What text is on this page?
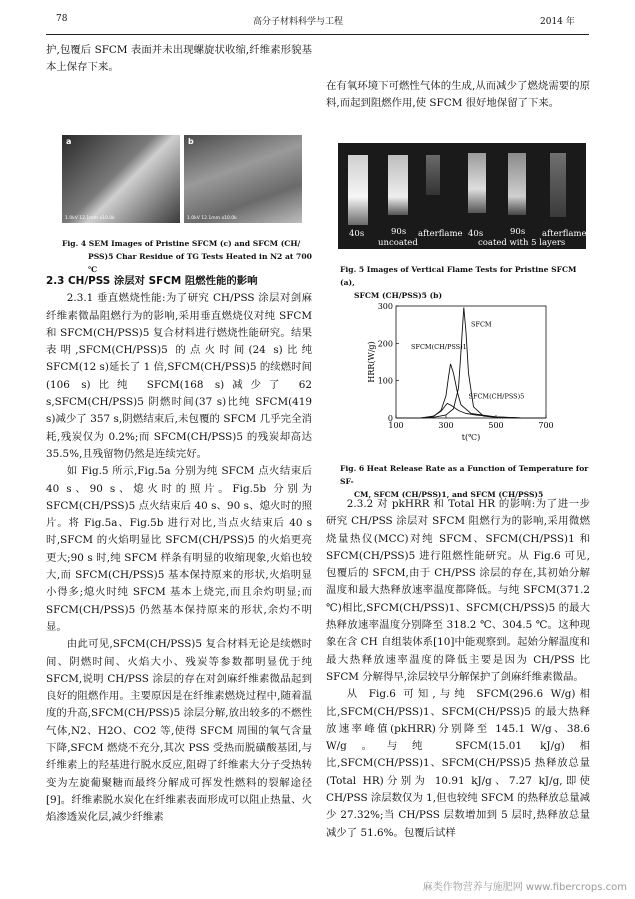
78	高分子材料科学与工程	2014 年

护,包覆后 SFCM 表面并未出现螺旋状收缩,纤维素形貌基本上保存下来。

a
1.0kV 12.1mm x10.0k
b
1.0kV 12.1mm x10.0k
Fig. 4 SEM Images of Pristine SFCM (c) and SFCM (CH/
PSS)5 Char Residue of TG Tests Heated in N2 at 700 ℃

2.3 CH/PSS 涂层对 SFCM 阻燃性能的影响

2.3.1 垂直燃烧性能:为了研究 CH/PSS 涂层对剑麻纤维素微晶阻燃行为的影响,采用垂直燃烧仪对纯 SFCM 和 SFCM(CH/PSS)5 复合材料进行燃烧性能研究。结果表明,SFCM(CH/PSS)5 的点火时间(24 s)比纯 SFCM(12 s)延长了 1 倍,SFCM(CH/PSS)5 的续燃时间(106 s)比纯 SFCM(168 s)减少了 62 s,SFCM(CH/PSS)5 阴燃时间(37 s)比纯 SFCM(419 s)减少了 357 s,阴燃结束后,未包覆的 SFCM 几乎完全消耗,残炭仅为 0.2%;而 SFCM(CH/PSS)5 的残炭却高达 35.5%,且残留物仍然是连续完好。

如 Fig.5 所示,Fig.5a 分别为纯 SFCM 点火结束后 40 s、90 s、熄火时的照片。Fig.5b 分别为 SFCM(CH/PSS)5 点火结束后 40 s、90 s、熄火时的照片。将 Fig.5a、Fig.5b 进行对比,当点火结束后 40 s 时,SFCM 的火焰明显比 SFCM(CH/PSS)5 的火焰更亮更大;90 s 时,纯 SFCM 样条有明显的收缩现象,火焰也较大,而 SFCM(CH/PSS)5 基本保持原来的形状,火焰明显小得多;熄火时纯 SFCM 基本上烧完,而且余灼明显;而 SFCM(CH/PSS)5 仍然基本保持原来的形状,余灼不明显。

由此可见,SFCM(CH/PSS)5 复合材料无论是续燃时间、阴燃时间、火焰大小、残炭等参数都明显优于纯 SFCM,说明 CH/PSS 涂层的存在对剑麻纤维素微晶起到良好的阻燃作用。主要原因是在纤维素燃烧过程中,随着温度的升高,SFCM(CH/PSS)5 涂层分解,放出较多的不燃性气体,N2、H2O、CO2 等,使得 SFCM 周围的氧气含量下降,SFCM 燃烧不充分,其次 PSS 受热而脱磺酸基团,与纤维素上的羟基进行脱水反应,阻碍了纤维素大分子受热转变为左旋葡聚糖而最终分解成可挥发性燃料的裂解途径[9]。纤维素脱水炭化在纤维素表面形成可以阻止热量、火焰渗透炭化层,减少纤维素

在有氧环境下可燃性气体的生成,从而减少了燃烧需要的原料,而起到阻燃作用,使 SFCM 很好地保留了下来。

40s	90s afterflame 40s	90s afterflame
uncoated	coated with 5 layers
Fig. 5 Images of Vertical Flame Tests for Pristine SFCM (a),
SFCM (CH/PSS)5 (b)
100	300	500	700
0
100
200
300
t(℃)
HRR(W/g)
SFCM
SFCM(CH/PSS)1
SFCM(CH/PSS)5
Fig. 6 Heat Release Rate as a Function of Temperature for SF-
CM, SFCM (CH/PSS)1, and SFCM (CH/PSS)5

2.3.2 对 pkHRR 和 Total HR 的影响:为了进一步研究 CH/PSS 涂层对 SFCM 阻燃行为的影响,采用微燃烧量热仪(MCC)对纯 SFCM、SFCM(CH/PSS)1 和 SFCM(CH/PSS)5 进行阻燃性能研究。从 Fig.6 可见,包覆后的 SFCM,由于 CH/PSS 涂层的存在,其初始分解温度和最大热释放速率温度都降低。与纯 SFCM(371.2 ℃)相比,SFCM(CH/PSS)1、SFCM(CH/PSS)5 的最大热释放速率温度分别降至 318.2 ℃、304.5 ℃。这种现象在含 CH 自组装体系[10]中能观察到。起始分解温度和最大热释放速率温度的降低主要是因为 CH/PSS 比 SFCM 分解得早,涂层较早分解保护了剑麻纤维素微晶。

从 Fig.6 可知,与纯 SFCM(296.6 W/g)相比,SFCM(CH/PSS)1、SFCM(CH/PSS)5 的最大热释放速率峰值(pkHRR)分别降至 145.1 W/g、38.6 W/g。与纯 SFCM(15.01 kJ/g)相比,SFCM(CH/PSS)1、SFCM(CH/PSS)5 热释放总量(Total HR)分别为 10.91 kJ/g、7.27 kJ/g,即使 CH/PSS 涂层数仅为 1,但也较纯 SFCM 的热释放总量减少 27.32%;当 CH/PSS 层数增加到 5 层时,热释放总量减少了 51.6%。包覆后试样

麻类作物营养与施肥网 www.fibercrops.com
